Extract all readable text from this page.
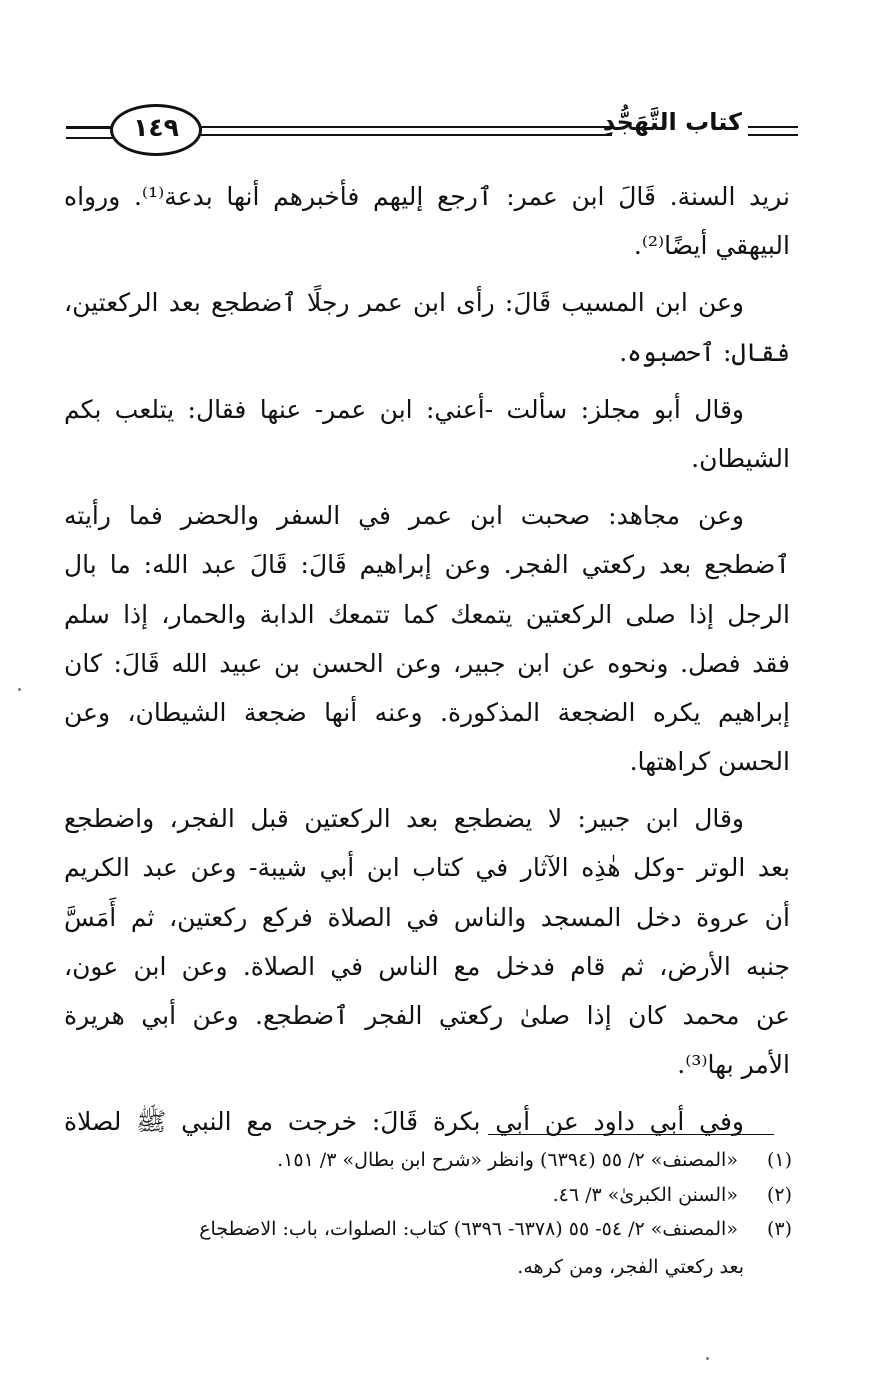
١٤٩	كتاب التَّهَجُّدِ
نريد السنة. قَالَ ابن عمر: ٱرجع إليهم فأخبرهم أنها بدعة⁽¹⁾. ورواه
البيهقي أيضًا⁽²⁾.
وعن ابن المسيب قَالَ: رأى ابن عمر رجلًا ٱضطجع بعد الركعتين،
فقال: ٱحصبوه.
وقال أبو مجلز: سألت -أعني: ابن عمر- عنها فقال: يتلعب بكم
الشيطان.
وعن مجاهد: صحبت ابن عمر في السفر والحضر فما رأيته
ٱضطجع بعد ركعتي الفجر. وعن إبراهيم قَالَ: قَالَ عبد الله: ما بال
الرجل إذا صلى الركعتين يتمعك كما تتمعك الدابة والحمار، إذا سلم
فقد فصل. ونحوه عن ابن جبير، وعن الحسن بن عبيد الله قَالَ: كان
إبراهيم يكره الضجعة المذكورة. وعنه أنها ضجعة الشيطان، وعن
الحسن كراهتها.
وقال ابن جبير: لا يضطجع بعد الركعتين قبل الفجر، واضطجع
بعد الوتر -وكل هٰذِه الآثار في كتاب ابن أبي شيبة- وعن عبد الكريم
أن عروة دخل المسجد والناس في الصلاة فركع ركعتين، ثم أَمَسَّ
جنبه الأرض، ثم قام فدخل مع الناس في الصلاة. وعن ابن عون،
عن محمد كان إذا صلىٰ ركعتي الفجر ٱضطجع. وعن أبي هريرة
الأمر بها⁽³⁾.
وفي أبي داود عن أبي بكرة قَالَ: خرجت مع النبي ﷺ لصلاة
(١) «المصنف» ٢/ ٥٥ (٦٣٩٤) وانظر «شرح ابن بطال» ٣/ ١٥١.
(٢) «السنن الكبرىٰ» ٣/ ٤٦.
(٣) «المصنف» ٢/ ٥٤- ٥٥ (٦٣٧٨- ٦٣٩٦) كتاب: الصلوات، باب: الاضطجاع
بعد ركعتي الفجر، ومن كرهه.
